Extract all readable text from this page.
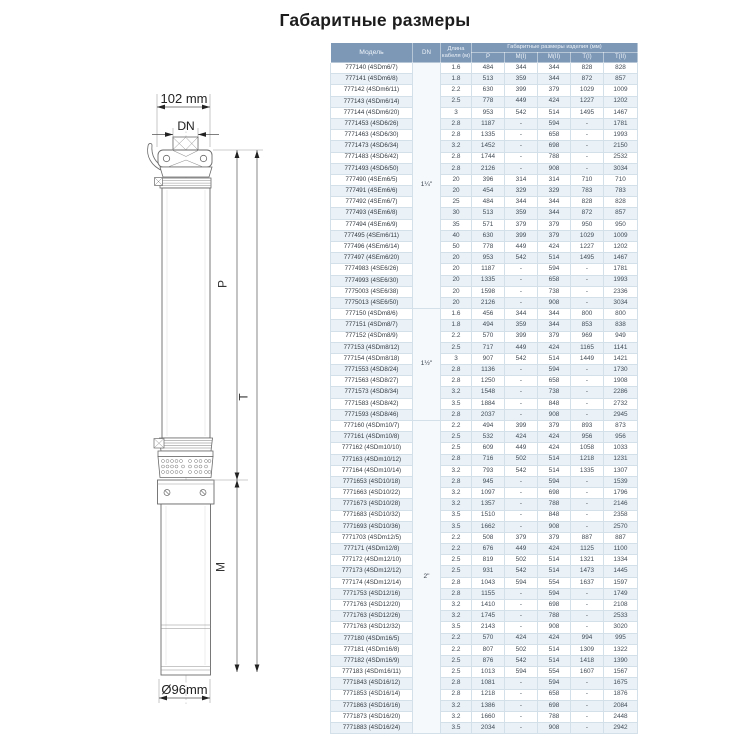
Габаритные размеры
102 mm
DN
P
T
M
Ø96mm
Модель	DN	Длина кабеля (м)	Габаритные размеры изделия (мм)				
			P	M(I)	M(II)	T(I)	T(II)
777140 (4SDm6/7)	1¼"	1.6	484	344	344	828	828
777141 (4SDm6/8)		1.8	513	359	344	872	857
777142 (4SDm6/11)		2.2	630	399	379	1029	1009
777143 (4SDm6/14)		2.5	778	449	424	1227	1202
777144 (4SDm6/20)		3	953	542	514	1495	1467
7771453 (4SD6/26)		2.8	1187	-	594	-	1781
7771463 (4SD6/30)		2.8	1335	-	658	-	1993
7771473 (4SD6/34)		3.2	1452	-	698	-	2150
7771483 (4SD6/42)		2.8	1744	-	788	-	2532
7771493 (4SD6/50)		2.8	2126	-	908	-	3034
777490 (4SEm6/5)		20	396	314	314	710	710
777491 (4SEm6/6)		20	454	329	329	783	783
777492 (4SEm6/7)		25	484	344	344	828	828
777493 (4SEm6/8)		30	513	359	344	872	857
777494 (4SEm6/9)		35	571	379	379	950	950
777495 (4SEm6/11)		40	630	399	379	1029	1009
777496 (4SEm6/14)		50	778	449	424	1227	1202
777497 (4SEm6/20)		20	953	542	514	1495	1467
7774983 (4SE6/26)		20	1187	-	594	-	1781
7774993 (4SE6/30)		20	1335	-	658	-	1993
7775003 (4SE6/38)		20	1598	-	738	-	2336
7775013 (4SE6/50)		20	2126	-	908	-	3034
777150 (4SDm8/6)	1½"	1.6	456	344	344	800	800
777151 (4SDm8/7)		1.8	494	359	344	853	838
777152 (4SDm8/9)		2.2	570	399	379	969	949
777153 (4SDm8/12)		2.5	717	449	424	1165	1141
777154 (4SDm8/18)		3	907	542	514	1449	1421
7771553 (4SD8/24)		2.8	1136	-	594	-	1730
7771563 (4SD8/27)		2.8	1250	-	658	-	1908
7771573 (4SD8/34)		3.2	1548	-	738	-	2286
7771583 (4SD8/42)		3.5	1884	-	848	-	2732
7771593 (4SD8/46)		2.8	2037	-	908	-	2945
777160 (4SDm10/7)	2"	2.2	494	399	379	893	873
777161 (4SDm10/8)		2.5	532	424	424	956	956
777162 (4SDm10/10)		2.5	609	449	424	1058	1033
777163 (4SDm10/12)		2.8	716	502	514	1218	1231
777164 (4SDm10/14)		3.2	793	542	514	1335	1307
7771653 (4SD10/18)		2.8	945	-	594	-	1539
7771663 (4SD10/22)		3.2	1097	-	698	-	1796
7771673 (4SD10/28)		3.2	1357	-	788	-	2146
7771683 (4SD10/32)		3.5	1510	-	848	-	2358
7771693 (4SD10/36)		3.5	1662	-	908	-	2570
7771703 (4SDm12/5)		2.2	508	379	379	887	887
777171 (4SDm12/8)		2.2	676	449	424	1125	1100
777172 (4SDm12/10)		2.5	819	502	514	1321	1334
777173 (4SDm12/12)		2.5	931	542	514	1473	1445
777174 (4SDm12/14)		2.8	1043	594	554	1637	1597
7771753 (4SD12/16)		2.8	1155	-	594	-	1749
7771763 (4SD12/20)		3.2	1410	-	698	-	2108
7771763 (4SD12/26)		3.2	1745	-	788	-	2533
7771763 (4SD12/32)		3.5	2143	-	908	-	3020
777180 (4SDm16/5)		2.2	570	424	424	994	995
777181 (4SDm16/8)		2.2	807	502	514	1309	1322
777182 (4SDm16/9)		2.5	876	542	514	1418	1390
777183 (4SDm16/11)		2.5	1013	594	554	1607	1567
7771843 (4SD16/12)		2.8	1081	-	594	-	1675
7771853 (4SD16/14)		2.8	1218	-	658	-	1876
7771863 (4SD16/16)		3.2	1386	-	698	-	2084
7771873 (4SD16/20)		3.2	1660	-	788	-	2448
7771883 (4SD16/24)		3.5	2034	-	908	-	2942
